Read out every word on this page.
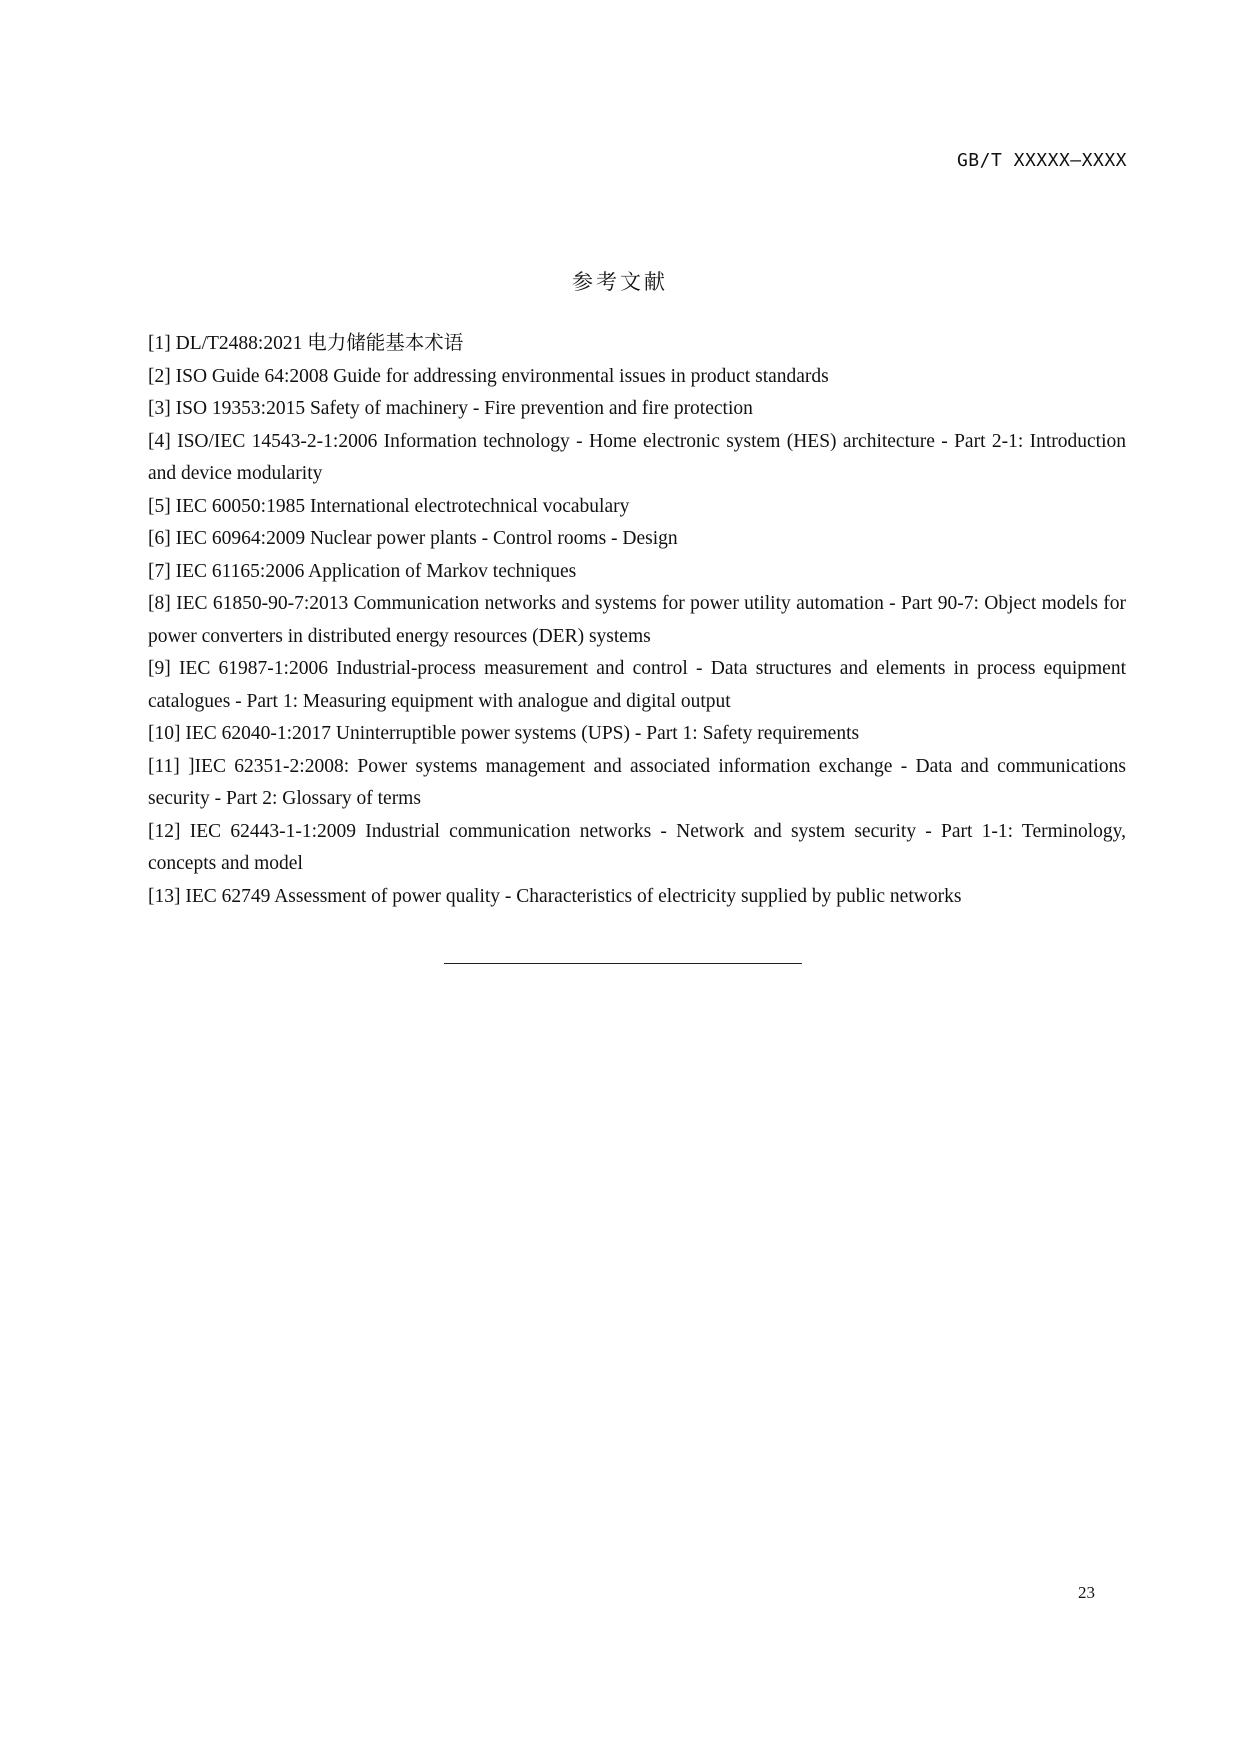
GB/T XXXXX—XXXX
参考文献
[1] DL/T2488:2021 电力储能基本术语
[2] ISO Guide 64:2008 Guide for addressing environmental issues in product standards
[3] ISO 19353:2015 Safety of machinery - Fire prevention and fire protection
[4] ISO/IEC 14543-2-1:2006 Information technology - Home electronic system (HES) architecture - Part 2-1: Introduction and device modularity
[5] IEC 60050:1985 International electrotechnical vocabulary
[6] IEC 60964:2009 Nuclear power plants - Control rooms - Design
[7] IEC 61165:2006 Application of Markov techniques
[8] IEC 61850-90-7:2013 Communication networks and systems for power utility automation - Part 90-7: Object models for power converters in distributed energy resources (DER) systems
[9] IEC 61987-1:2006 Industrial-process measurement and control - Data structures and elements in process equipment catalogues - Part 1: Measuring equipment with analogue and digital output
[10] IEC 62040-1:2017 Uninterruptible power systems (UPS) - Part 1: Safety requirements
[11] ]IEC 62351-2:2008: Power systems management and associated information exchange - Data and communications security - Part 2: Glossary of terms
[12] IEC 62443-1-1:2009 Industrial communication networks - Network and system security - Part 1-1: Terminology, concepts and model
[13] IEC 62749 Assessment of power quality - Characteristics of electricity supplied by public networks
23
